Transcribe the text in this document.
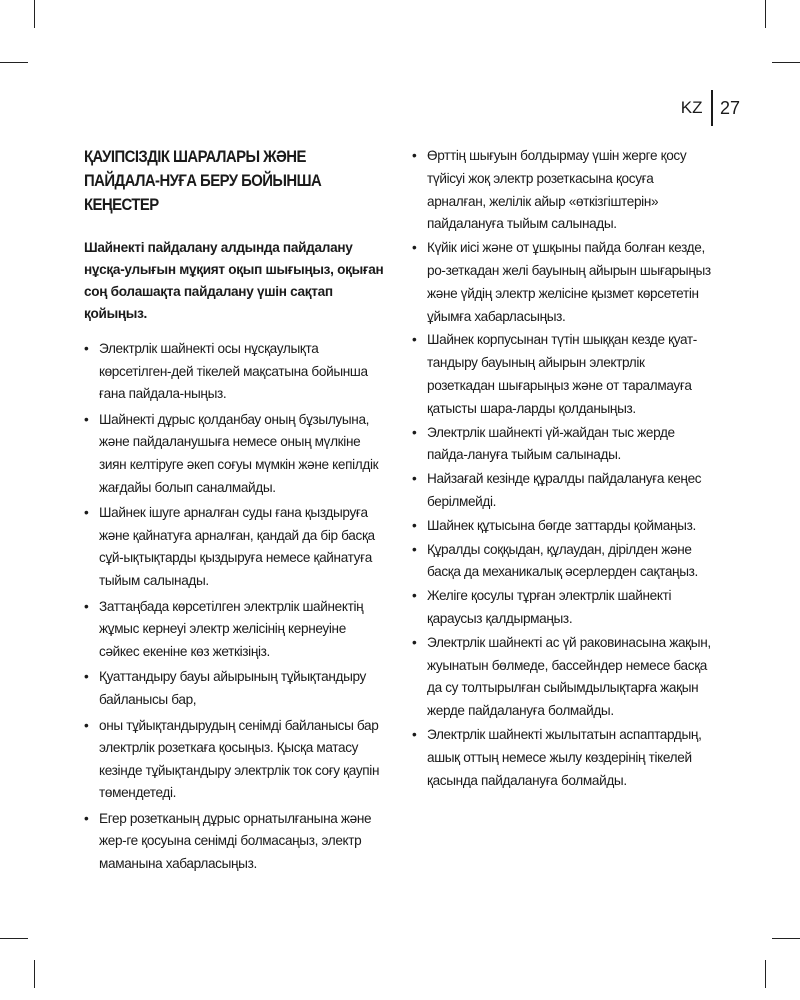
KZ 27
ҚАУІПСІЗДІК ШАРАЛАРЫ ЖӘНЕ ПАЙДАЛА-НУҒА БЕРУ БОЙЫНША КЕҢЕСТЕР

Шайнекті пайдалану алдында пайдалану нұсқа-улығын мұқият оқып шығыңыз, оқыған соң болашақта пайдалану үшін сақтап қойыңыз.

• Электрлік шайнекті осы нұсқаулықта көрсетілген-дей тікелей мақсатына бойынша ғана пайдала-ныңыз.
• Шайнекті дұрыс қолданбау оның бұзылуына, және пайдаланушыға немесе оның мүлкіне зиян келтіруге әкеп соғуы мүмкін және кепілдік жағдайы болып саналмайды.
• Шайнек ішуге арналған суды ғана қыздыруға және қайнатуға арналған, қандай да бір басқа сұй-ықтықтарды қыздыруға немесе қайнатуға тыйым салынады.
• Заттаңбада көрсетілген электрлік шайнектің жұмыс кернеуі электр желісінің кернеуіне сәйкес екеніне көз жеткізіңіз.
• Қуаттандыру бауы айырының тұйықтандыру байланысы бар,
• оны тұйықтандырудың сенімді байланысы бар электрлік розеткаға қосыңыз. Қысқа матасу кезінде тұйықтандыру электрлік ток соғу қаупін төмендетеді.
• Егер розетканың дұрыс орнатылғанына және жер-ге қосуына сенімді болмасаңыз, электр маманына хабарласыңыз.
• Өрттің шығуын болдырмау үшін жерге қосу түйісуі жоқ электр розеткасына қосуға арналған, желілік айыр «өткізгіштерін» пайдалануға тыйым салынады.
• Күйік иісі және от ұшқыны пайда болған кезде, ро-зеткадан желі бауының айырын шығарыңыз және үйдің электр желісіне қызмет көрсететін ұйымға хабарласыңыз.
• Шайнек корпусынан түтін шыққан кезде қуат-тандыру бауының айырын электрлік розеткадан шығарыңыз және от таралмауға қатысты шара-ларды қолданыңыз.
• Электрлік шайнекті үй-жайдан тыс жерде пайда-лануға тыйым салынады.
• Найзағай кезінде құралды пайдалануға кеңес берілмейді.
• Шайнек құтысына бөгде заттарды қоймаңыз.
• Құралды соққыдан, құлаудан, дірілден және басқа да механикалық әсерлерден сақтаңыз.
• Желіге қосулы тұрған электрлік шайнекті қараусыз қалдырмаңыз.
• Электрлік шайнекті ас үй раковинасына жақын, жуынатын бөлмеде, бассейндер немесе басқа да су толтырылған сыйымдылықтарға жақын жерде пайдалануға болмайды.
• Электрлік шайнекті жылытатын аспаптардың, ашық оттың немесе жылу көздерінің тікелей қасында пайдалануға болмайды.
